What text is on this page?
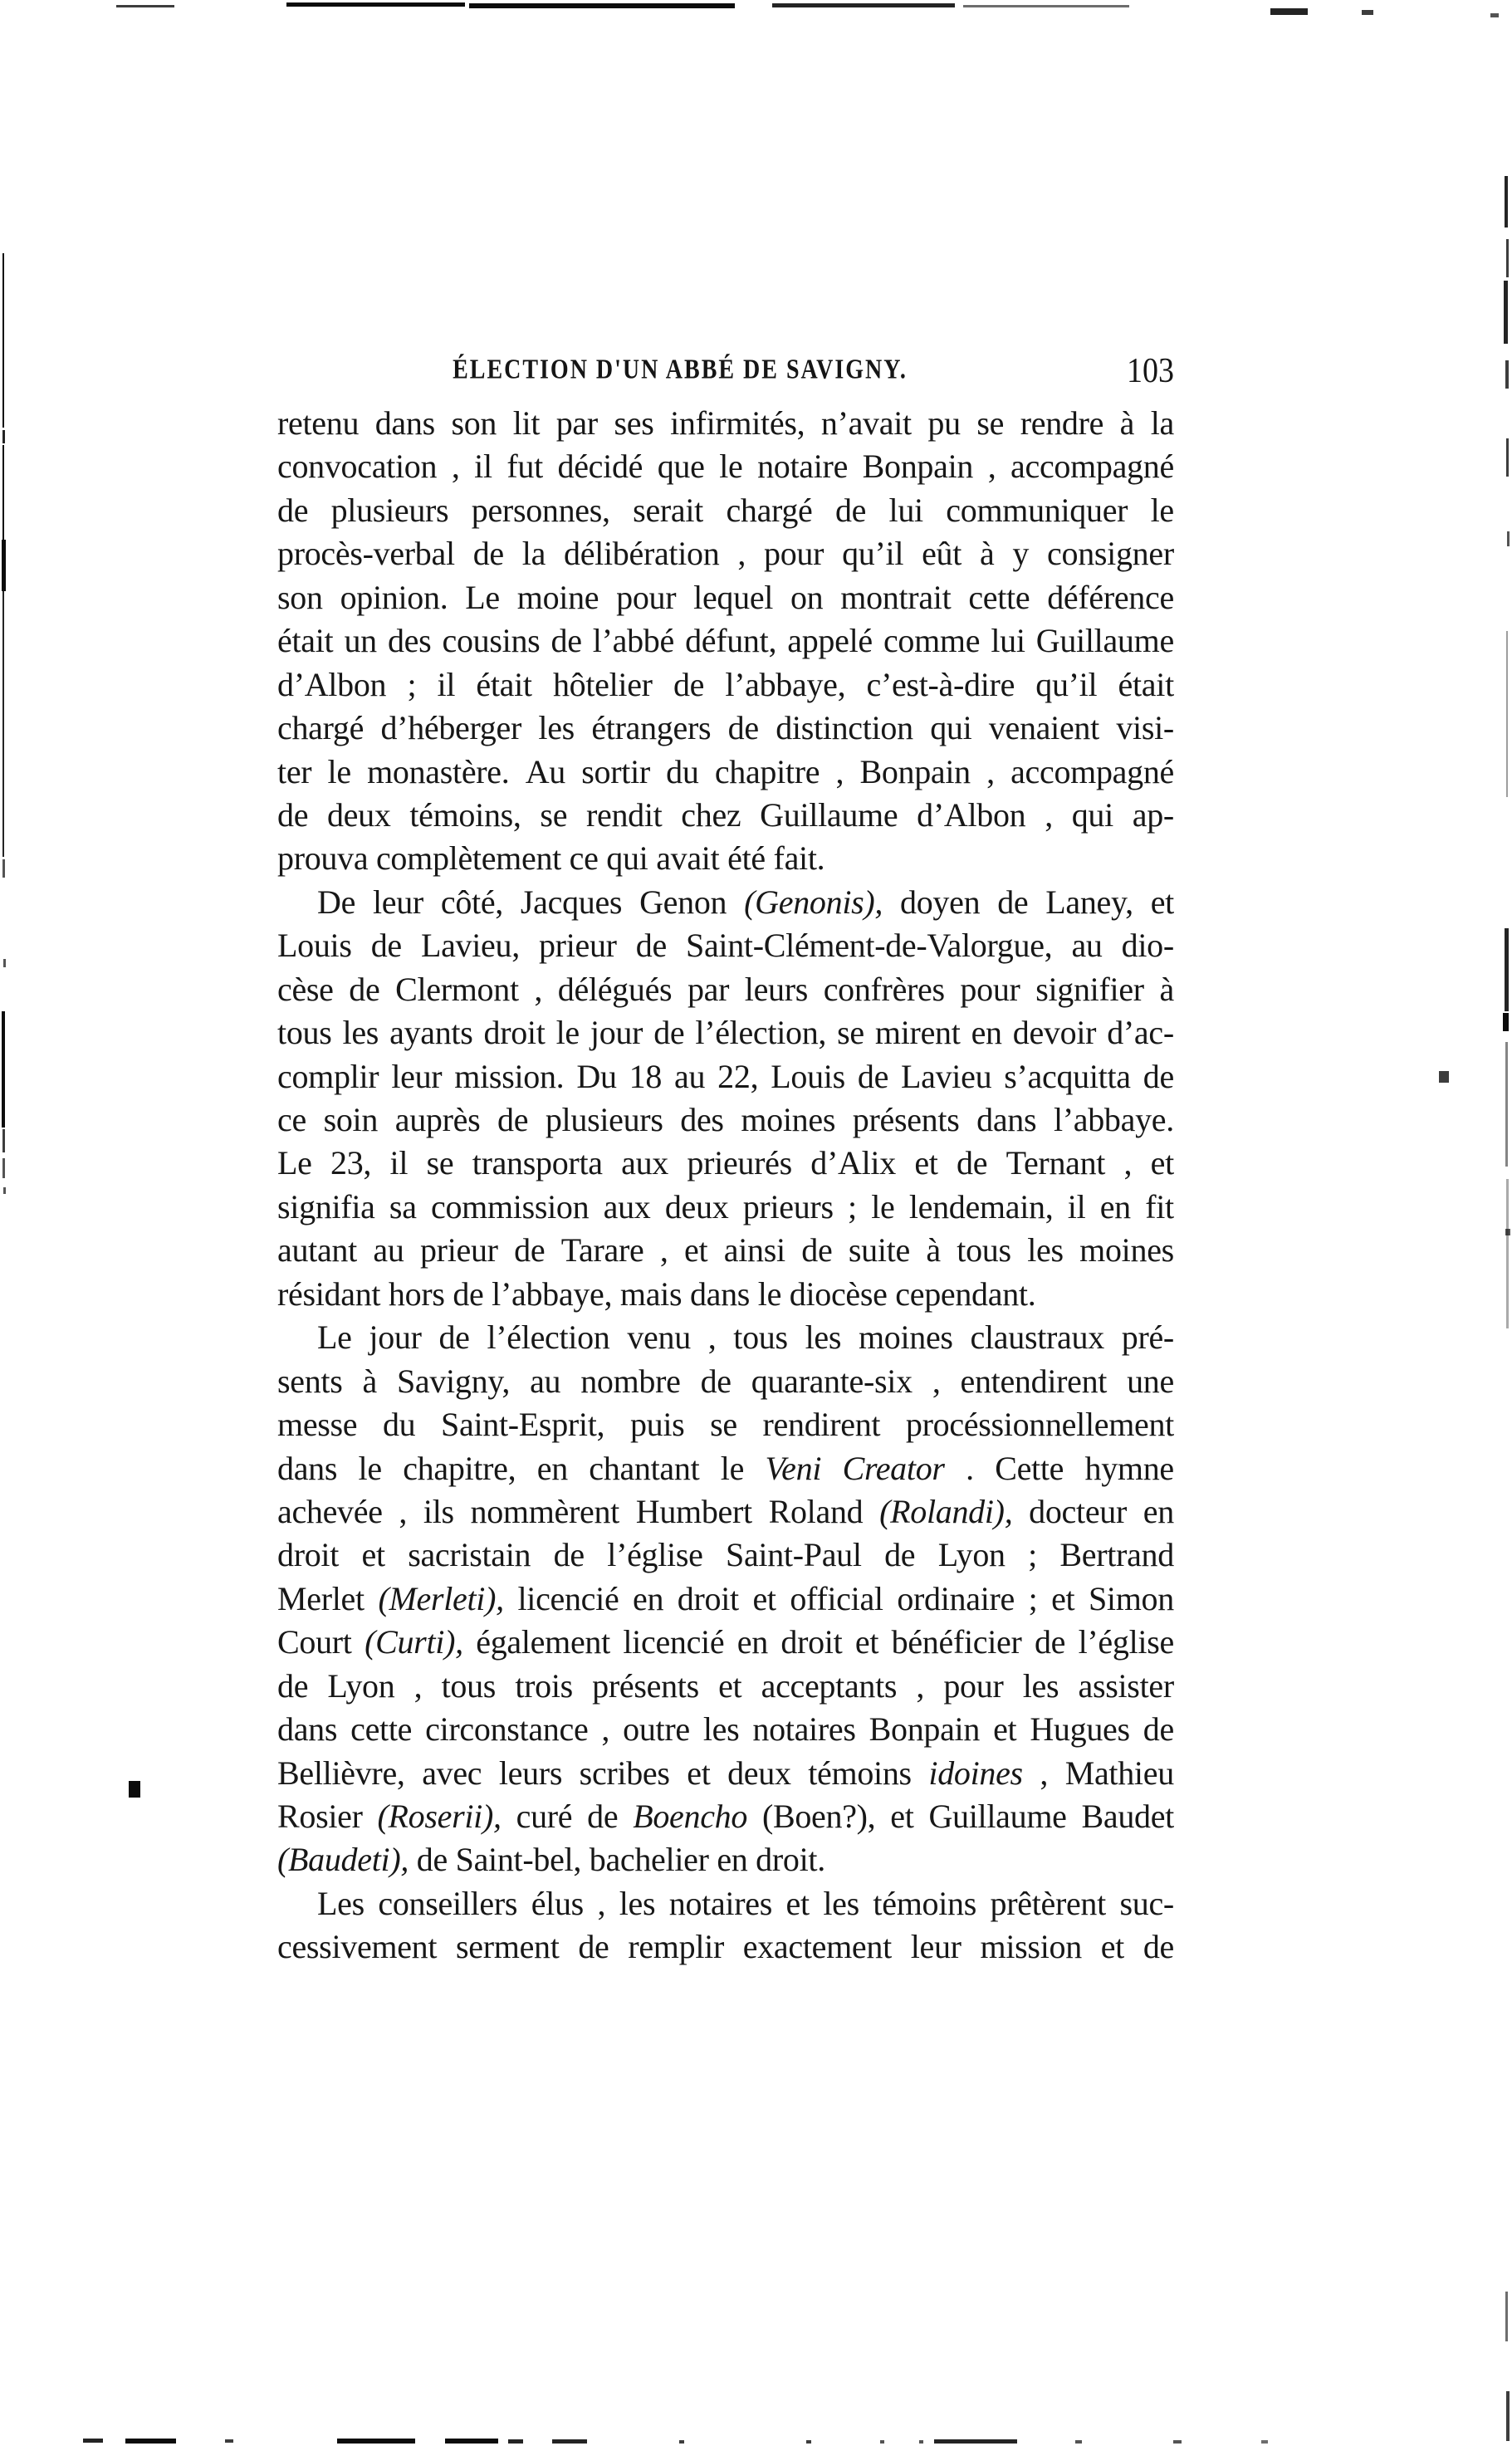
ÉLECTION D'UN ABBÉ DE SAVIGNY.	103
retenu dans son lit par ses infirmités, n’avait pu se rendre à la
convocation , il fut décidé que le notaire Bonpain , accompagné
de plusieurs personnes, serait chargé de lui communiquer le
procès-verbal de la délibération , pour qu’il eût à y consigner
son opinion. Le moine pour lequel on montrait cette déférence
était un des cousins de l’abbé défunt, appelé comme lui Guillaume
d’Albon ; il était hôtelier de l’abbaye, c’est-à-dire qu’il était
chargé d’héberger les étrangers de distinction qui venaient visi-
ter le monastère. Au sortir du chapitre , Bonpain , accompagné
de deux témoins, se rendit chez Guillaume d’Albon , qui ap-
prouva complètement ce qui avait été fait.
De leur côté, Jacques Genon (Genonis), doyen de Laney, et
Louis de Lavieu, prieur de Saint-Clément-de-Valorgue, au dio-
cèse de Clermont , délégués par leurs confrères pour signifier à
tous les ayants droit le jour de l’élection, se mirent en devoir d’ac-
complir leur mission. Du 18 au 22, Louis de Lavieu s’acquitta de
ce soin auprès de plusieurs des moines présents dans l’abbaye.
Le 23, il se transporta aux prieurés d’Alix et de Ternant , et
signifia sa commission aux deux prieurs ; le lendemain, il en fit
autant au prieur de Tarare , et ainsi de suite à tous les moines
résidant hors de l’abbaye, mais dans le diocèse cependant.
Le jour de l’élection venu , tous les moines claustraux pré-
sents à Savigny, au nombre de quarante-six , entendirent une
messe du Saint-Esprit, puis se rendirent procéssionnellement
dans le chapitre, en chantant le Veni Creator . Cette hymne
achevée , ils nommèrent Humbert Roland (Rolandi), docteur en
droit et sacristain de l’église Saint-Paul de Lyon ; Bertrand
Merlet (Merleti), licencié en droit et official ordinaire ; et Simon
Court (Curti), également licencié en droit et bénéficier de l’église
de Lyon , tous trois présents et acceptants , pour les assister
dans cette circonstance , outre les notaires Bonpain et Hugues de
Bellièvre, avec leurs scribes et deux témoins idoines , Mathieu
Rosier (Roserii), curé de Boencho (Boen?), et Guillaume Baudet
(Baudeti), de Saint-bel, bachelier en droit.
Les conseillers élus , les notaires et les témoins prêtèrent suc-
cessivement serment de remplir exactement leur mission et de
